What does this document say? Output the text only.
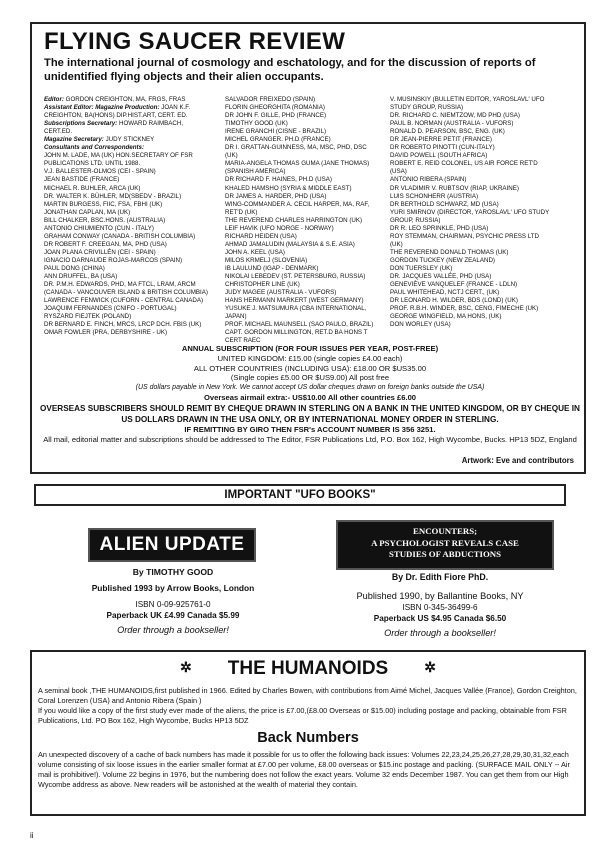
FLYING SAUCER REVIEW
The international journal of cosmology and eschatology, and for the discussion of reports of unidentified flying objects and their alien occupants.
Editor: GORDON CREIGHTON, MA, FRGS, FRAS
Assistant Editor: Magazine Production: JOAN K.F. CREIGHTON, BA(HONS) DIP.HIST.ART, CERT. ED.
Subscriptions Secretary: HOWARD RAIMBACH, CERT.ED.
Magazine Secretary: JUDY STICKNEY
Consultants and Correspondents:
JOHN M. LADE, MA (UK) HON.SECRETARY OF FSR PUBLICATIONS LTD. UNTIL 1988.
V.J. BALLESTER-OLMOS (CEI - SPAIN)
JEAN BASTIDE (FRANCE)
MICHAEL R. BUHLER, ARCA (UK)
DR. WALTER K. BÜHLER, MD(SBEDV - BRAZIL)
MARTIN BURGESS, FIIC, FSA, FBHI (UK)
JONATHAN CAPLAN, MA (UK)
BILL CHALKER, BSC.HONS. (AUSTRALIA)
ANTONIO CHIUMIENTO (CUN - ITALY)
GRAHAM CONWAY (CANADA - BRITISH COLUMBIA)
DR ROBERT F. CREEGAN, MA, PHD (USA)
JOAN PLANA CRIVILLÉN (CEI - SPAIN)
IGNACIO DARNAUDE ROJAS-MARCOS (SPAIN)
PAUL DONG (CHINA)
ANN DRUFFEL, BA (USA)
DR. P.M.H. EDWARDS, PHD, MA FTCL, LRAM, ARCM (CANADA - VANCOUVER ISLAND & BRITISH COLUMBIA)
LAWRENCE FENWICK (CUFORN - CENTRAL CANADA)
JOAQUIM FERNANDES (CNIFO - PORTUGAL)
RYSZARD FIEJTEK (POLAND)
DR BERNARD E. FINCH, MRCS, LRCP DCH. FBIS (UK)
OMAR FOWLER (PRA, DERBYSHIRE - UK)
SALVADOR FREIXEDO (SPAIN)
FLORIN GHEORGHITA (ROMANIA)
DR JOHN F. GILLE, PHD (FRANCE)
TIMOTHY GOOD (UK)
IRENE GRANCHI (CISNE - BRAZIL)
MICHEL GRANGER. PH.D (FRANCE)
DR I. GRATTAN-GUINNESS, MA, MSC, PHD, DSC (UK)
MARIA-ANGELA THOMAS GUMA (JANE THOMAS) (SPANISH AMERICA)
DR RICHARD F. HAINES, PH.D (USA)
KHALED HAMSHO (SYRIA & MIDDLE EAST)
DR JAMES A. HARDER, PHD (USA)
WING-COMMANDER A. CECIL HARPER, MA, RAF, RET'D (UK)
THE REVEREND CHARLES HARRINGTON (UK)
LEIF HAVIK (UFO NORGE - NORWAY)
RICHARD HEIDEN (USA)
AHMAD JAMALUDIN (MALAYSIA & S.E. ASIA)
JOHN A. KEEL (USA)
MILOS KRMELJ (SLOVENIA)
IB LAULUND (IGAP - DENMARK)
NIKOLAI LEBEDEV (ST. PETERSBURG, RUSSIA)
CHRISTOPHER LINE (UK)
JUDY MAGEE (AUSTRALIA - VUFORS)
HANS HERMANN MARKERT (WEST GERMANY)
YUSUKE J. MATSUMURA (CBA INTERNATIONAL, JAPAN)
PROF. MICHAEL MAUNSELL (SAO PAULO, BRAZIL)
CAPT. GORDON MILLINGTON, RET.D BA HONS T CERT RAEC
V. MUSINSKIY (BULLETIN EDITOR, YAROSLAVL' UFO STUDY GROUP, RUSSIA)
DR. RICHARD C. NIEMTZOW, MD PHD (USA)
PAUL B. NORMAN (AUSTRALIA - VUFORS)
RONALD D. PEARSON, BSC, ENG. (UK)
DR JEAN-PIERRE PETIT (FRANCE)
DR ROBERTO PINOTTI (CUN-ITALY)
DAVID POWELL (SOUTH AFRICA)
ROBERT E. REID COLONEL, US AIR FORCE RET'D (USA)
ANTONIO RIBERA (SPAIN)
DR VLADIMIR V. RUBTSOV (RIAP, UKRAINE)
LUIS SCHONHERR (AUSTRIA)
DR BERTHOLD SCHWARZ, MD (USA)
YURI SMIRNOV (DIRECTOR, YAROSLAVL' UFO STUDY GROUP, RUSSIA)
DR R. LEO SPRINKLE, PHD (USA)
ROY STEMMAN, CHAIRMAN, PSYCHIC PRESS LTD (UK)
THE REVEREND DONALD THOMAS (UK)
GORDON TUCKEY (NEW ZEALAND)
DON TUERSLEY (UK)
DR. JACQUES VALLÉE, PHD (USA)
GENEVIÈVE VANQUELEF (FRANCE - LDLN)
PAUL WHITEHEAD, NCTJ CERT., (UK)
DR LEONARD H. WILDER, BDS (LOND) (UK)
PROF. R.B.H. WINDER, BSC, CENG, FIMECHE (UK)
GEORGE WINGFIELD, MA HONS, (UK)
DON WORLEY (USA)
ANNUAL SUBSCRIPTION (FOR FOUR ISSUES PER YEAR, POST-FREE)
UNITED KINGDOM: £15.00 (single copies £4.00 each)
ALL OTHER COUNTRIES (INCLUDING USA): £18.00 OR $US35.00
(Single copies £5.00 OR $US9.00) All post free
(US dollars payable in New York. We cannot accept US dollar cheques drawn on foreign banks outside the USA)
Overseas airmail extra:- US$10.00 All other countries £6.00
OVERSEAS SUBSCRIBERS SHOULD REMIT BY CHEQUE DRAWN IN STERLING ON A BANK IN THE UNITED KINGDOM, OR BY CHEQUE IN US DOLLARS DRAWN IN THE USA ONLY, OR BY INTERNATIONAL MONEY ORDER IN STERLING.
IF REMITTING BY GIRO THEN FSR's ACCOUNT NUMBER IS 356 3251.
All mail, editorial matter and subscriptions should be addressed to The Editor, FSR Publications Ltd, P.O. Box 162, High Wycombe, Bucks. HP13 5DZ, England
Artwork: Eve and contributors
IMPORTANT "UFO BOOKS"
ALIEN UPDATE
By TIMOTHY GOOD
Published 1993 by Arrow Books, London
ISBN 0-09-925761-0
Paperback UK £4.99 Canada $5.99
Order through a bookseller!
ENCOUNTERS;
A PSYCHOLOGIST REVEALS CASE
STUDIES OF ABDUCTIONS
By Dr. Edith Fiore PhD.
Published 1990, by Ballantine Books, NY
ISBN 0-345-36499-6
Paperback US $4.95 Canada $6.50
Order through a bookseller!
✲ THE HUMANOIDS	✲
A seminal book ,THE HUMANOIDS,first published in 1966. Edited by Charles Bowen, with contributions from Aimé Michel, Jacques Vallée (France), Gordon Creighton, Coral Lorenzen (USA) and Antonio Ribera (Spain )
If you would like a copy of the first study ever made of the aliens, the price is £7.00,(£8.00 Overseas or $15.00) including postage and packing, obtainable from FSR Publications, Ltd. PO Box 162, High Wycombe, Bucks HP13 5DZ
Back Numbers
An unexpected discovery of a cache of back numbers has made it possible for us to offer the following back issues: Volumes 22,23,24,25,26,27,28,29,30,31,32,each volume consisting of six loose issues in the earlier smaller format at £7.00 per volume, £8.00 overseas or $15.inc postage and packing. (SURFACE MAIL ONLY -- Air mail is prohibitive!). Volume 22 begins in 1976, but the numbering does not follow the exact years. Volume 32 ends December 1987. You can get them from our High Wycombe address as above. New readers will be astonished at the wealth of material they contain.
ii
